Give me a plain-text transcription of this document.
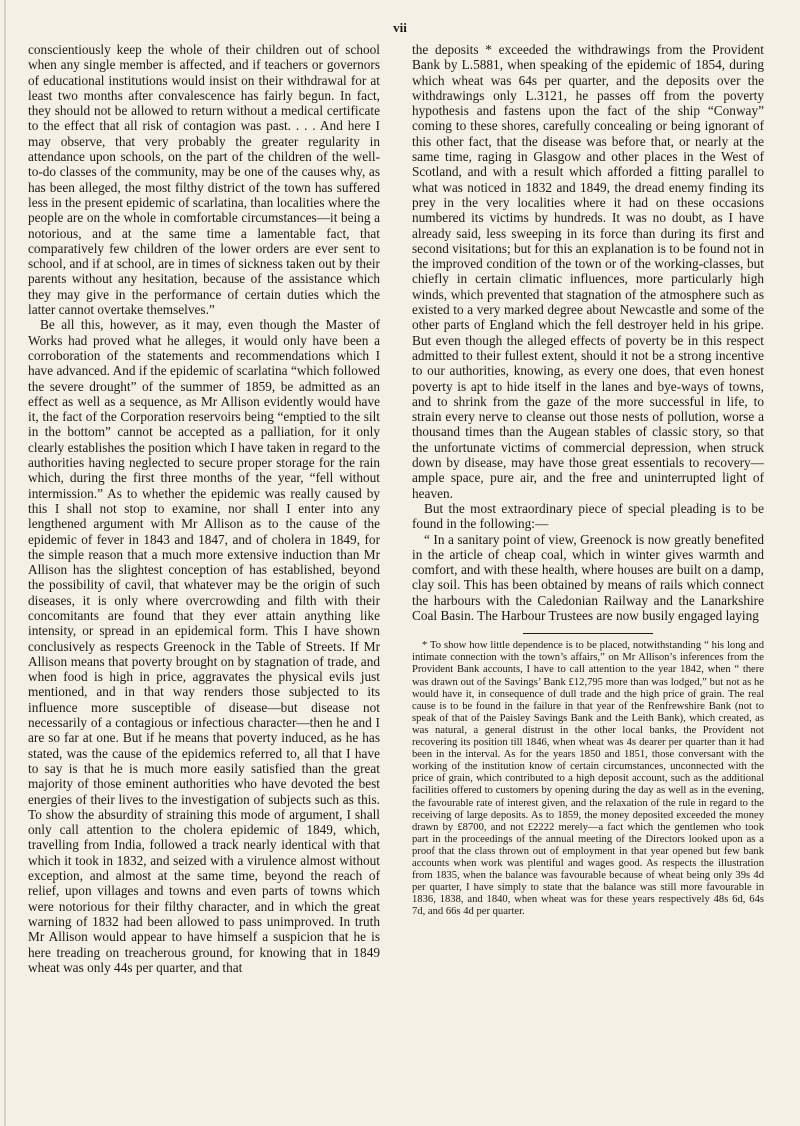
vii

conscientiously keep the whole of their children out of school when any single member is affected, and if teachers or governors of educational institutions would insist on their withdrawal for at least two months after convalescence has fairly begun. In fact, they should not be allowed to return without a medical certificate to the effect that all risk of contagion was past. . . . And here I may observe, that very probably the greater regularity in attendance upon schools, on the part of the children of the well-to-do classes of the community, may be one of the causes why, as has been alleged, the most filthy district of the town has suffered less in the present epidemic of scarlatina, than localities where the people are on the whole in comfortable circumstances—it being a notorious, and at the same time a lamentable fact, that comparatively few children of the lower orders are ever sent to school, and if at school, are in times of sickness taken out by their parents without any hesitation, because of the assistance which they may give in the performance of certain duties which the latter cannot overtake themselves.”

Be all this, however, as it may, even though the Master of Works had proved what he alleges, it would only have been a corroboration of the statements and recommendations which I have advanced. And if the epidemic of scarlatina “which followed the severe drought” of the summer of 1859, be admitted as an effect as well as a sequence, as Mr Allison evidently would have it, the fact of the Corporation reservoirs being “emptied to the silt in the bottom” cannot be accepted as a palliation, for it only clearly establishes the position which I have taken in regard to the authorities having neglected to secure proper storage for the rain which, during the first three months of the year, “fell without intermission.” As to whether the epidemic was really caused by this I shall not stop to examine, nor shall I enter into any lengthened argument with Mr Allison as to the cause of the epidemic of fever in 1843 and 1847, and of cholera in 1849, for the simple reason that a much more extensive induction than Mr Allison has the slightest conception of has established, beyond the possibility of cavil, that whatever may be the origin of such diseases, it is only where overcrowding and filth with their concomitants are found that they ever attain anything like intensity, or spread in an epidemical form. This I have shown conclusively as respects Greenock in the Table of Streets. If Mr Allison means that poverty brought on by stagnation of trade, and when food is high in price, aggravates the physical evils just mentioned, and in that way renders those subjected to its influence more susceptible of disease—but disease not necessarily of a contagious or infectious character—then he and I are so far at one. But if he means that poverty induced, as he has stated, was the cause of the epidemics referred to, all that I have to say is that he is much more easily satisfied than the great majority of those eminent authorities who have devoted the best energies of their lives to the investigation of subjects such as this. To show the absurdity of straining this mode of argument, I shall only call attention to the cholera epidemic of 1849, which, travelling from India, followed a track nearly identical with that which it took in 1832, and seized with a virulence almost without exception, and almost at the same time, beyond the reach of relief, upon villages and towns and even parts of towns which were notorious for their filthy character, and in which the great warning of 1832 had been allowed to pass unimproved. In truth Mr Allison would appear to have himself a suspicion that he is here treading on treacherous ground, for knowing that in 1849 wheat was only 44s per quarter, and that

the deposits * exceeded the withdrawings from the Provident Bank by L.5881, when speaking of the epidemic of 1854, during which wheat was 64s per quarter, and the deposits over the withdrawings only L.3121, he passes off from the poverty hypothesis and fastens upon the fact of the ship “Conway” coming to these shores, carefully concealing or being ignorant of this other fact, that the disease was before that, or nearly at the same time, raging in Glasgow and other places in the West of Scotland, and with a result which afforded a fitting parallel to what was noticed in 1832 and 1849, the dread enemy finding its prey in the very localities where it had on these occasions numbered its victims by hundreds. It was no doubt, as I have already said, less sweeping in its force than during its first and second visitations; but for this an explanation is to be found not in the improved condition of the town or of the working-classes, but chiefly in certain climatic influences, more particularly high winds, which prevented that stagnation of the atmosphere such as existed to a very marked degree about Newcastle and some of the other parts of England which the fell destroyer held in his gripe. But even though the alleged effects of poverty be in this respect admitted to their fullest extent, should it not be a strong incentive to our authorities, knowing, as every one does, that even honest poverty is apt to hide itself in the lanes and bye-ways of towns, and to shrink from the gaze of the more successful in life, to strain every nerve to cleanse out those nests of pollution, worse a thousand times than the Augean stables of classic story, so that the unfortunate victims of commercial depression, when struck down by disease, may have those great essentials to recovery—ample space, pure air, and the free and uninterrupted light of heaven.

But the most extraordinary piece of special pleading is to be found in the following:—

“ In a sanitary point of view, Greenock is now greatly benefited in the article of cheap coal, which in winter gives warmth and comfort, and with these health, where houses are built on a damp, clay soil. This has been obtained by means of rails which connect the harbours with the Caledonian Railway and the Lanarkshire Coal Basin. The Harbour Trustees are now busily engaged laying

* To show how little dependence is to be placed, notwithstanding “ his long and intimate connection with the town’s affairs,” on Mr Allison’s inferences from the Provident Bank accounts, I have to call attention to the year 1842, when “ there was drawn out of the Savings’ Bank £12,795 more than was lodged,” but not as he would have it, in consequence of dull trade and the high price of grain. The real cause is to be found in the failure in that year of the Renfrewshire Bank (not to speak of that of the Paisley Savings Bank and the Leith Bank), which created, as was natural, a general distrust in the other local banks, the Provident not recovering its position till 1846, when wheat was 4s dearer per quarter than it had been in the interval. As for the years 1850 and 1851, those conversant with the working of the institution know of certain circumstances, unconnected with the price of grain, which contributed to a high deposit account, such as the additional facilities offered to customers by opening during the day as well as in the evening, the favourable rate of interest given, and the relaxation of the rule in regard to the receiving of large deposits. As to 1859, the money deposited exceeded the money drawn by £8700, and not £2222 merely—a fact which the gentlemen who took part in the proceedings of the annual meeting of the Directors looked upon as a proof that the class thrown out of employment in that year opened but few bank accounts when work was plentiful and wages good. As respects the illustration from 1835, when the balance was favourable because of wheat being only 39s 4d per quarter, I have simply to state that the balance was still more favourable in 1836, 1838, and 1840, when wheat was for these years respectively 48s 6d, 64s 7d, and 66s 4d per quarter.
